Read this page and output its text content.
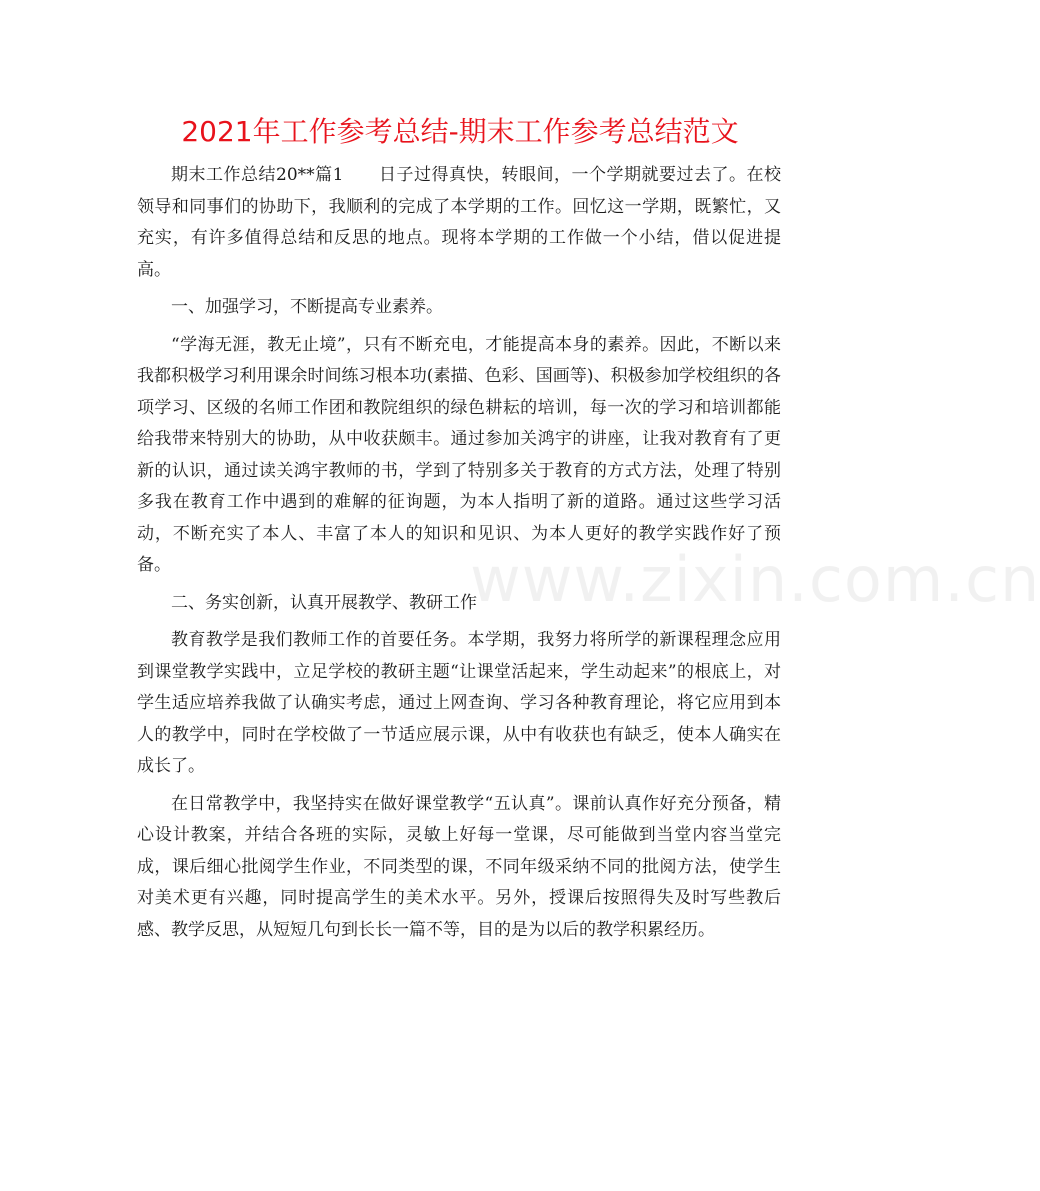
2021年工作参考总结-期末工作参考总结范文

期末工作总结20**篇1　　日子过得真快，转眼间，一个学期就要过去了。在校领导和同事们的协助下，我顺利的完成了本学期的工作。回忆这一学期，既繁忙，又充实，有许多值得总结和反思的地点。现将本学期的工作做一个小结，借以促进提高。

一、加强学习，不断提高专业素养。

“学海无涯，教无止境”，只有不断充电，才能提高本身的素养。因此，不断以来我都积极学习利用课余时间练习根本功(素描、色彩、国画等)、积极参加学校组织的各项学习、区级的名师工作团和教院组织的绿色耕耘的培训，每一次的学习和培训都能给我带来特别大的协助，从中收获颇丰。通过参加关鸿宇的讲座，让我对教育有了更新的认识，通过读关鸿宇教师的书，学到了特别多关于教育的方式方法，处理了特别多我在教育工作中遇到的难解的征询题，为本人指明了新的道路。通过这些学习活动，不断充实了本人、丰富了本人的知识和见识、为本人更好的教学实践作好了预备。

二、务实创新，认真开展教学、教研工作

教育教学是我们教师工作的首要任务。本学期，我努力将所学的新课程理念应用到课堂教学实践中，立足学校的教研主题“让课堂活起来，学生动起来”的根底上，对学生适应培养我做了认确实考虑，通过上网查询、学习各种教育理论，将它应用到本人的教学中，同时在学校做了一节适应展示课，从中有收获也有缺乏，使本人确实在成长了。

在日常教学中，我坚持实在做好课堂教学“五认真”。课前认真作好充分预备，精心设计教案，并结合各班的实际，灵敏上好每一堂课，尽可能做到当堂内容当堂完成，课后细心批阅学生作业，不同类型的课，不同年级采纳不同的批阅方法，使学生对美术更有兴趣，同时提高学生的美术水平。另外，授课后按照得失及时写些教后感、教学反思，从短短几句到长长一篇不等，目的是为以后的教学积累经历。

www.zixin.com.cn
